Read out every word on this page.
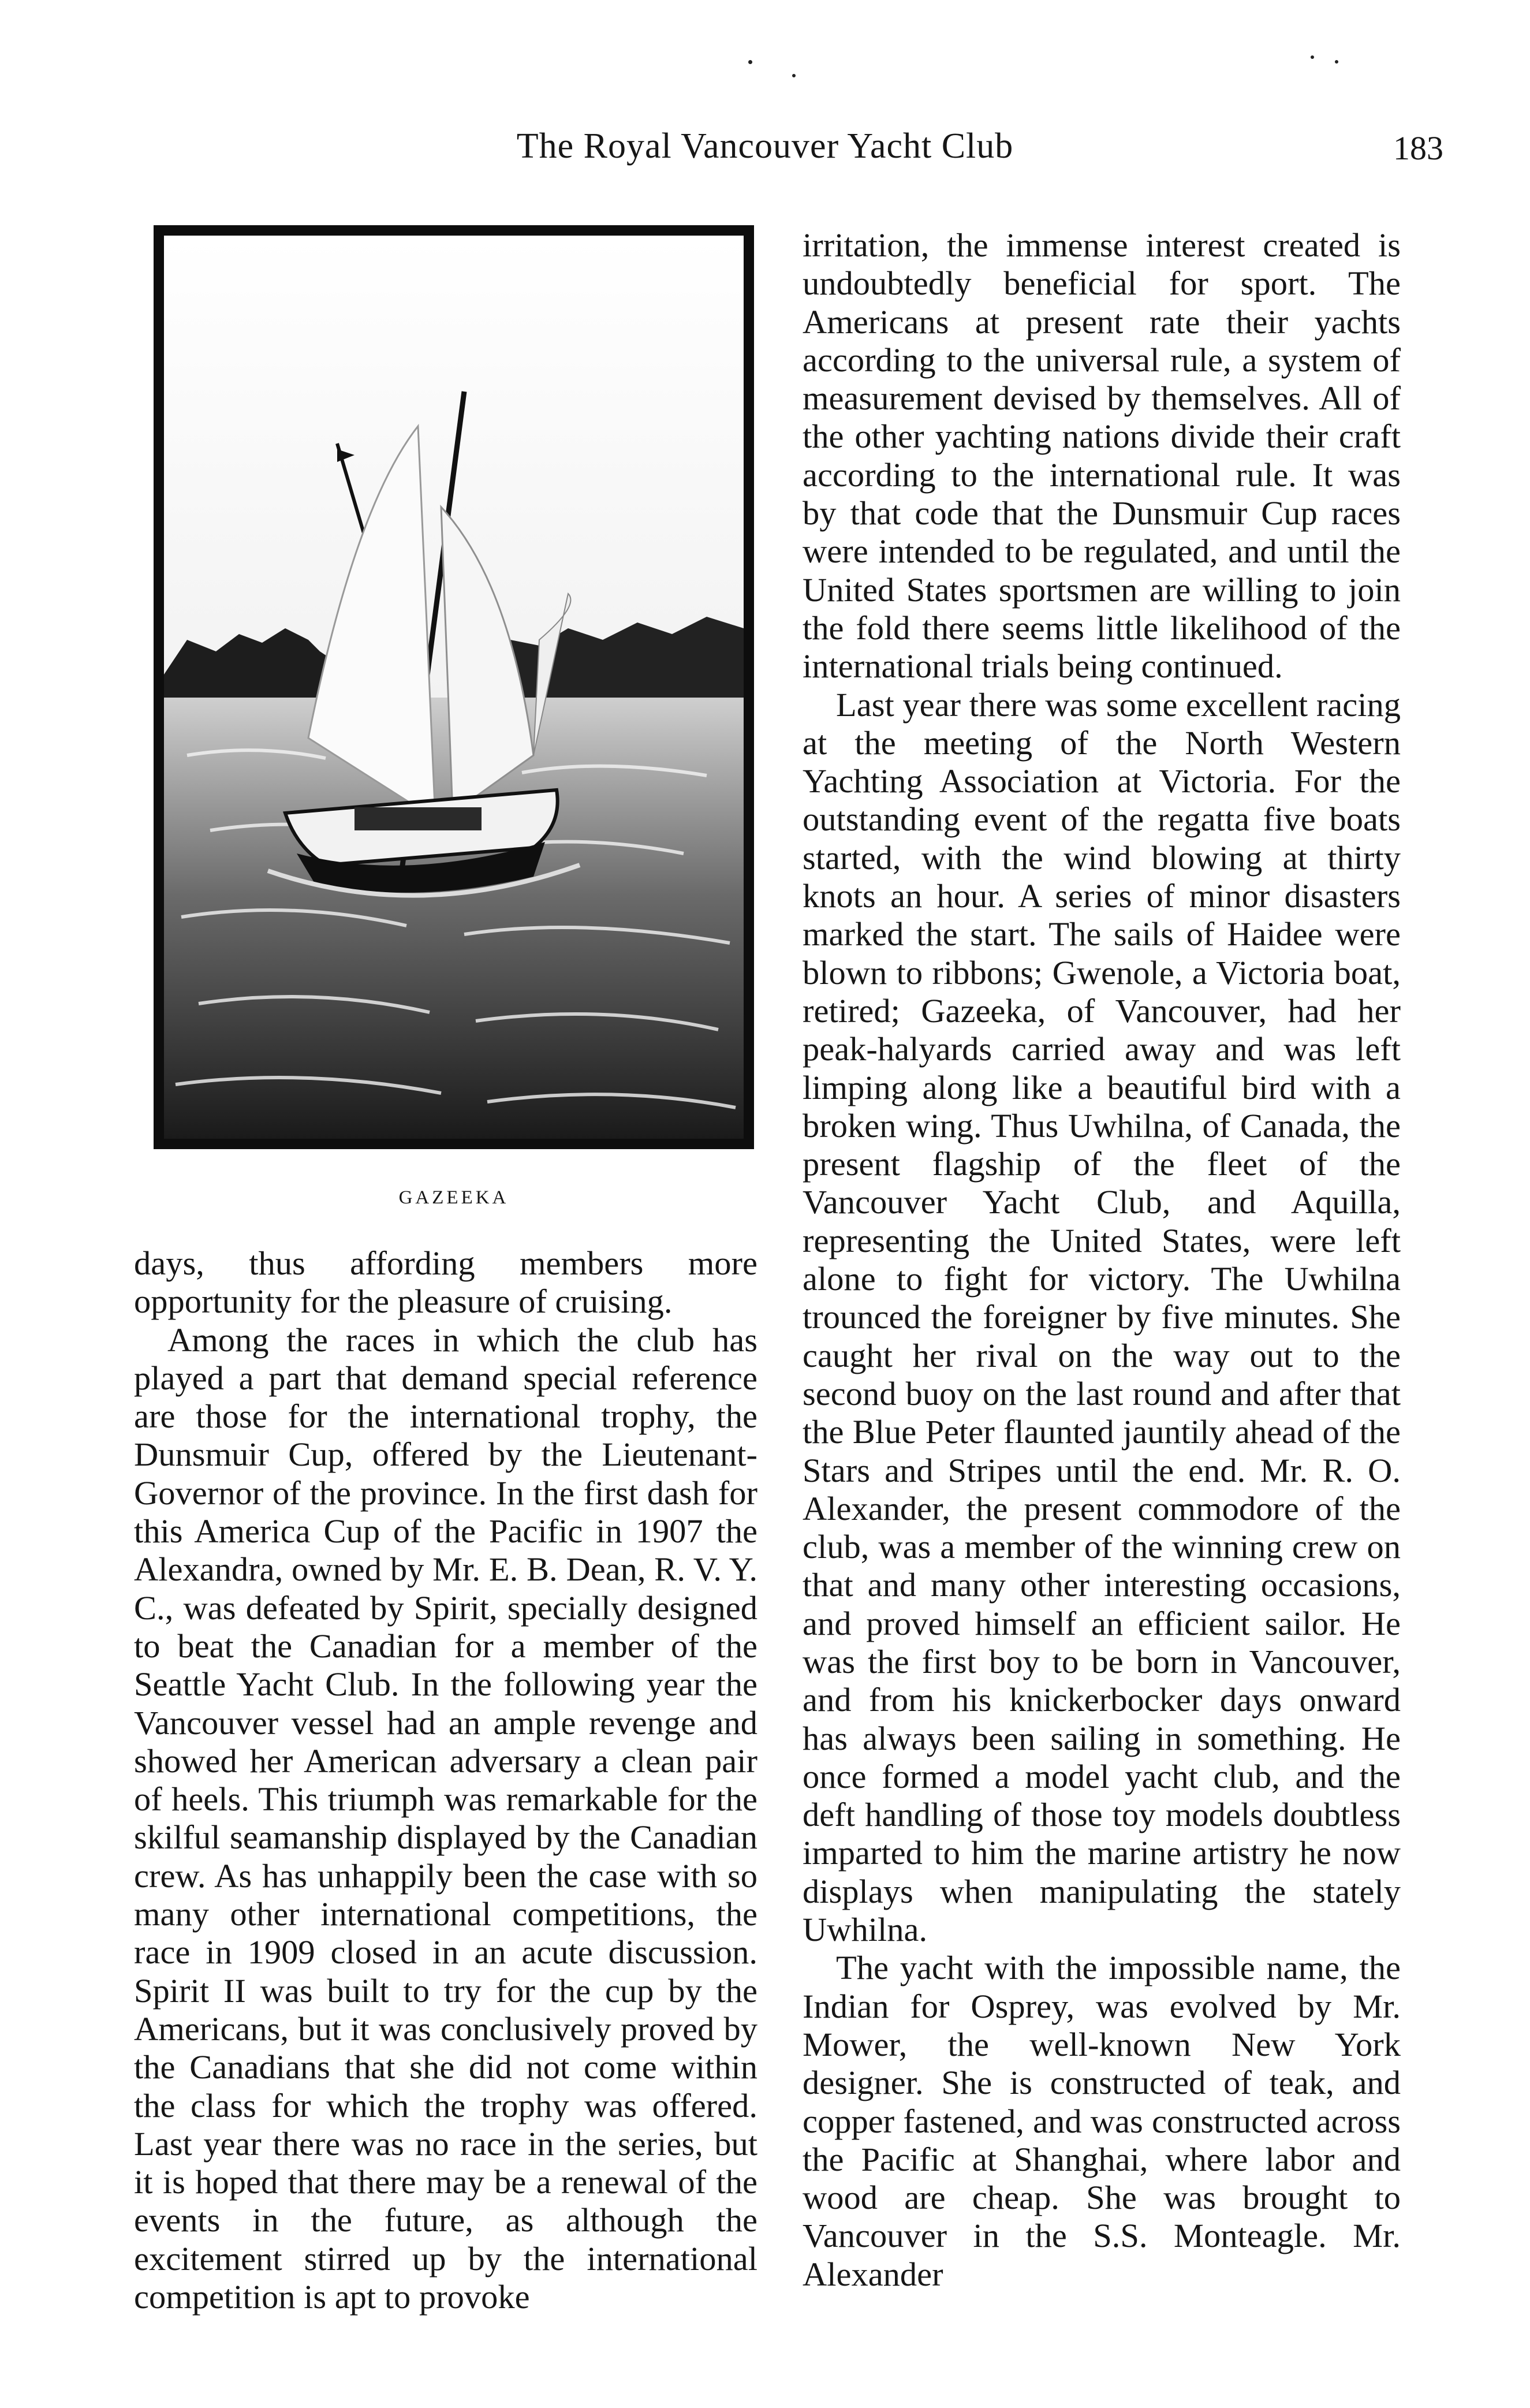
The Royal Vancouver Yacht Club	183
GAZEEKA

days, thus affording members more opportunity for the pleasure of cruising.

Among the races in which the club has played a part that demand special reference are those for the international trophy, the Dunsmuir Cup, offered by the Lieutenant-Governor of the province. In the first dash for this America Cup of the Pacific in 1907 the Alexandra, owned by Mr. E. B. Dean, R. V. Y. C., was defeated by Spirit, specially designed to beat the Canadian for a member of the Seattle Yacht Club. In the following year the Vancouver vessel had an ample revenge and showed her American adversary a clean pair of heels. This triumph was remarkable for the skilful seamanship displayed by the Canadian crew. As has unhappily been the case with so many other international competitions, the race in 1909 closed in an acute discussion. Spirit II was built to try for the cup by the Americans, but it was conclusively proved by the Canadians that she did not come within the class for which the trophy was offered. Last year there was no race in the series, but it is hoped that there may be a renewal of the events in the future, as although the excitement stirred up by the international competition is apt to provoke

irritation, the immense interest created is undoubtedly beneficial for sport. The Americans at present rate their yachts according to the universal rule, a system of measurement devised by themselves. All of the other yachting nations divide their craft according to the international rule. It was by that code that the Dunsmuir Cup races were intended to be regulated, and until the United States sportsmen are willing to join the fold there seems little likelihood of the international trials being continued.

Last year there was some excellent racing at the meeting of the North Western Yachting Association at Victoria. For the outstanding event of the regatta five boats started, with the wind blowing at thirty knots an hour. A series of minor disasters marked the start. The sails of Haidee were blown to ribbons; Gwenole, a Victoria boat, retired; Gazeeka, of Vancouver, had her peak-halyards carried away and was left limping along like a beautiful bird with a broken wing. Thus Uwhilna, of Canada, the present flagship of the fleet of the Vancouver Yacht Club, and Aquilla, representing the United States, were left alone to fight for victory. The Uwhilna trounced the foreigner by five minutes. She caught her rival on the way out to the second buoy on the last round and after that the Blue Peter flaunted jauntily ahead of the Stars and Stripes until the end. Mr. R. O. Alexander, the present commodore of the club, was a member of the winning crew on that and many other interesting occasions, and proved himself an efficient sailor. He was the first boy to be born in Vancouver, and from his knickerbocker days onward has always been sailing in something. He once formed a model yacht club, and the deft handling of those toy models doubtless imparted to him the marine artistry he now displays when manipulating the stately Uwhilna.

The yacht with the impossible name, the Indian for Osprey, was evolved by Mr. Mower, the well-known New York designer. She is constructed of teak, and copper fastened, and was constructed across the Pacific at Shanghai, where labor and wood are cheap. She was brought to Vancouver in the S.S. Monteagle. Mr. Alexander
